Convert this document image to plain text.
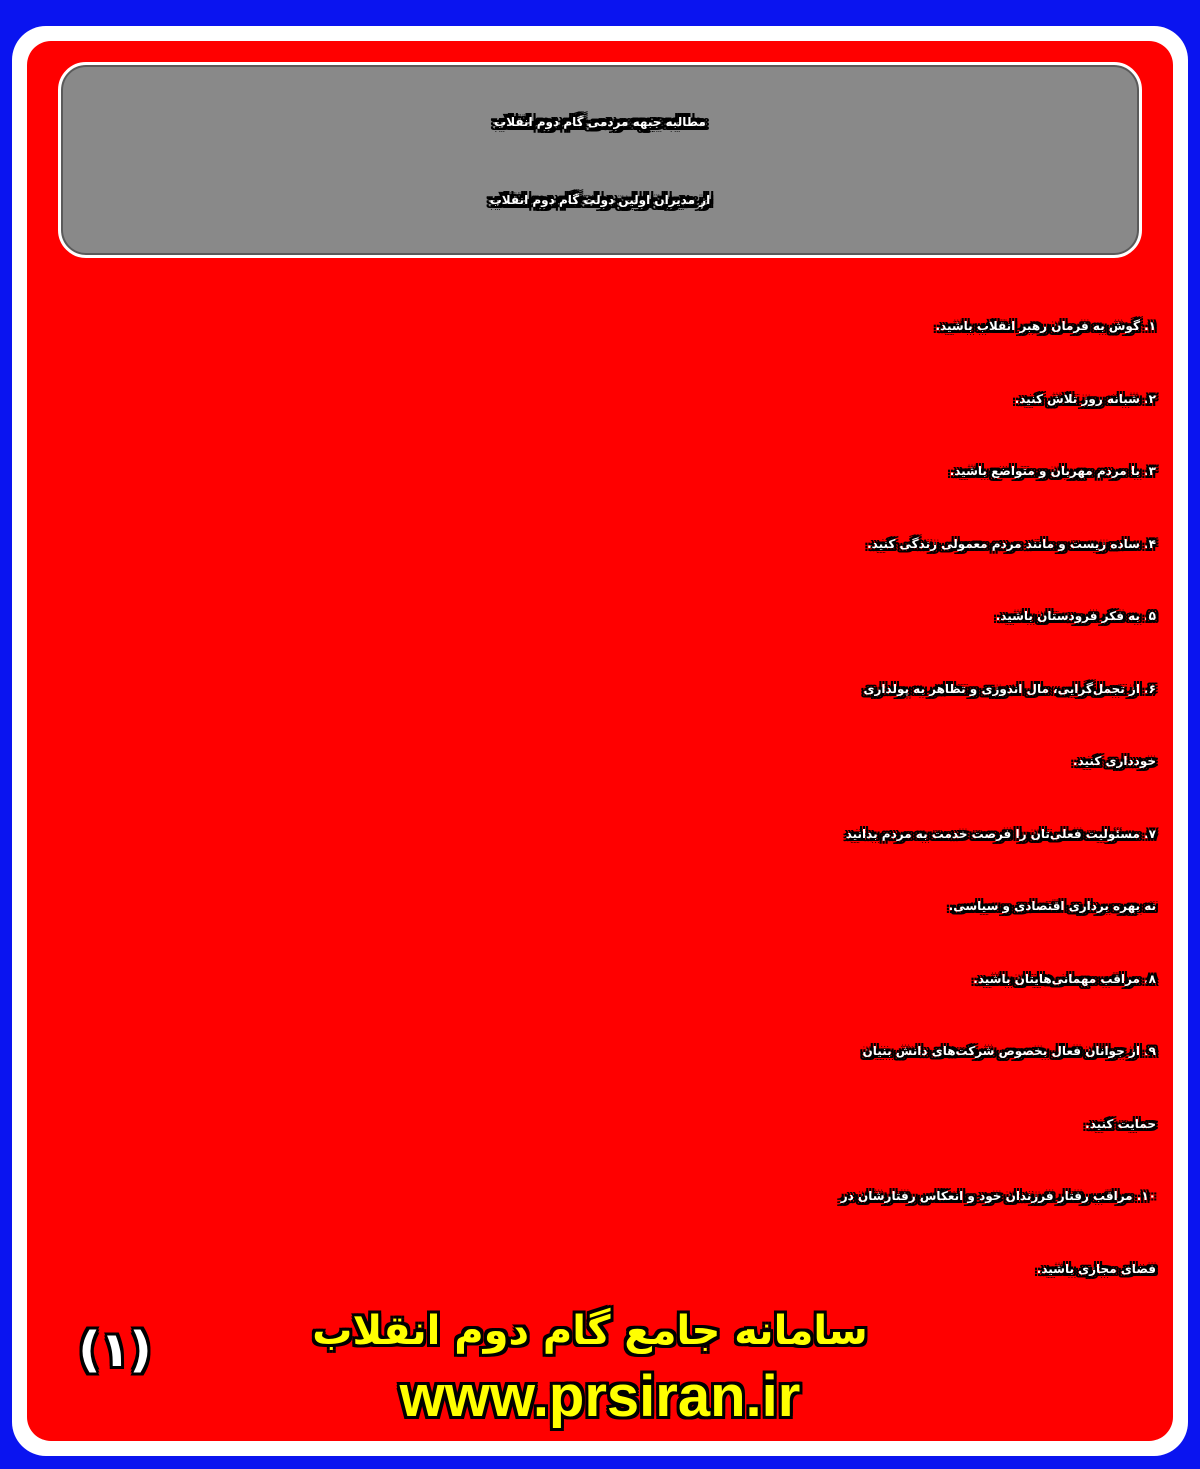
مطالبه جبهه مردمی گام دوم انقلاب
از مدیران اولین دولت گام دوم انقلاب
۱. گوش به فرمان رهبر انقلاب باشید.
۲. شبانه روز تلاش کنید.
۳. با مردم مهربان و متواضع باشید.
۴. ساده زیست و مانند مردم معمولی زندگی کنید.
۵. به فکر فرودستان باشید.
۶. از تجمل‌گرایی، مال اندوزی و تظاهر به پولداری
خودداری کنید.
۷. مسئولیت فعلی‌تان را فرصت خدمت به مردم بدانید
نه بهره برداری اقتصادی و سیاسی.
۸. مراقب مهمانی‌هایتان باشید.
۹. از جوانان فعال بخصوص شرکت‌های دانش بنیان
حمایت کنید.
۱۰. مراقب رفتار فرزندان خود و انعکاس رفتارشان در
فضای مجازی باشید.
سامانه جامع گام دوم انقلاب
www.prsiran.ir
(۱)
